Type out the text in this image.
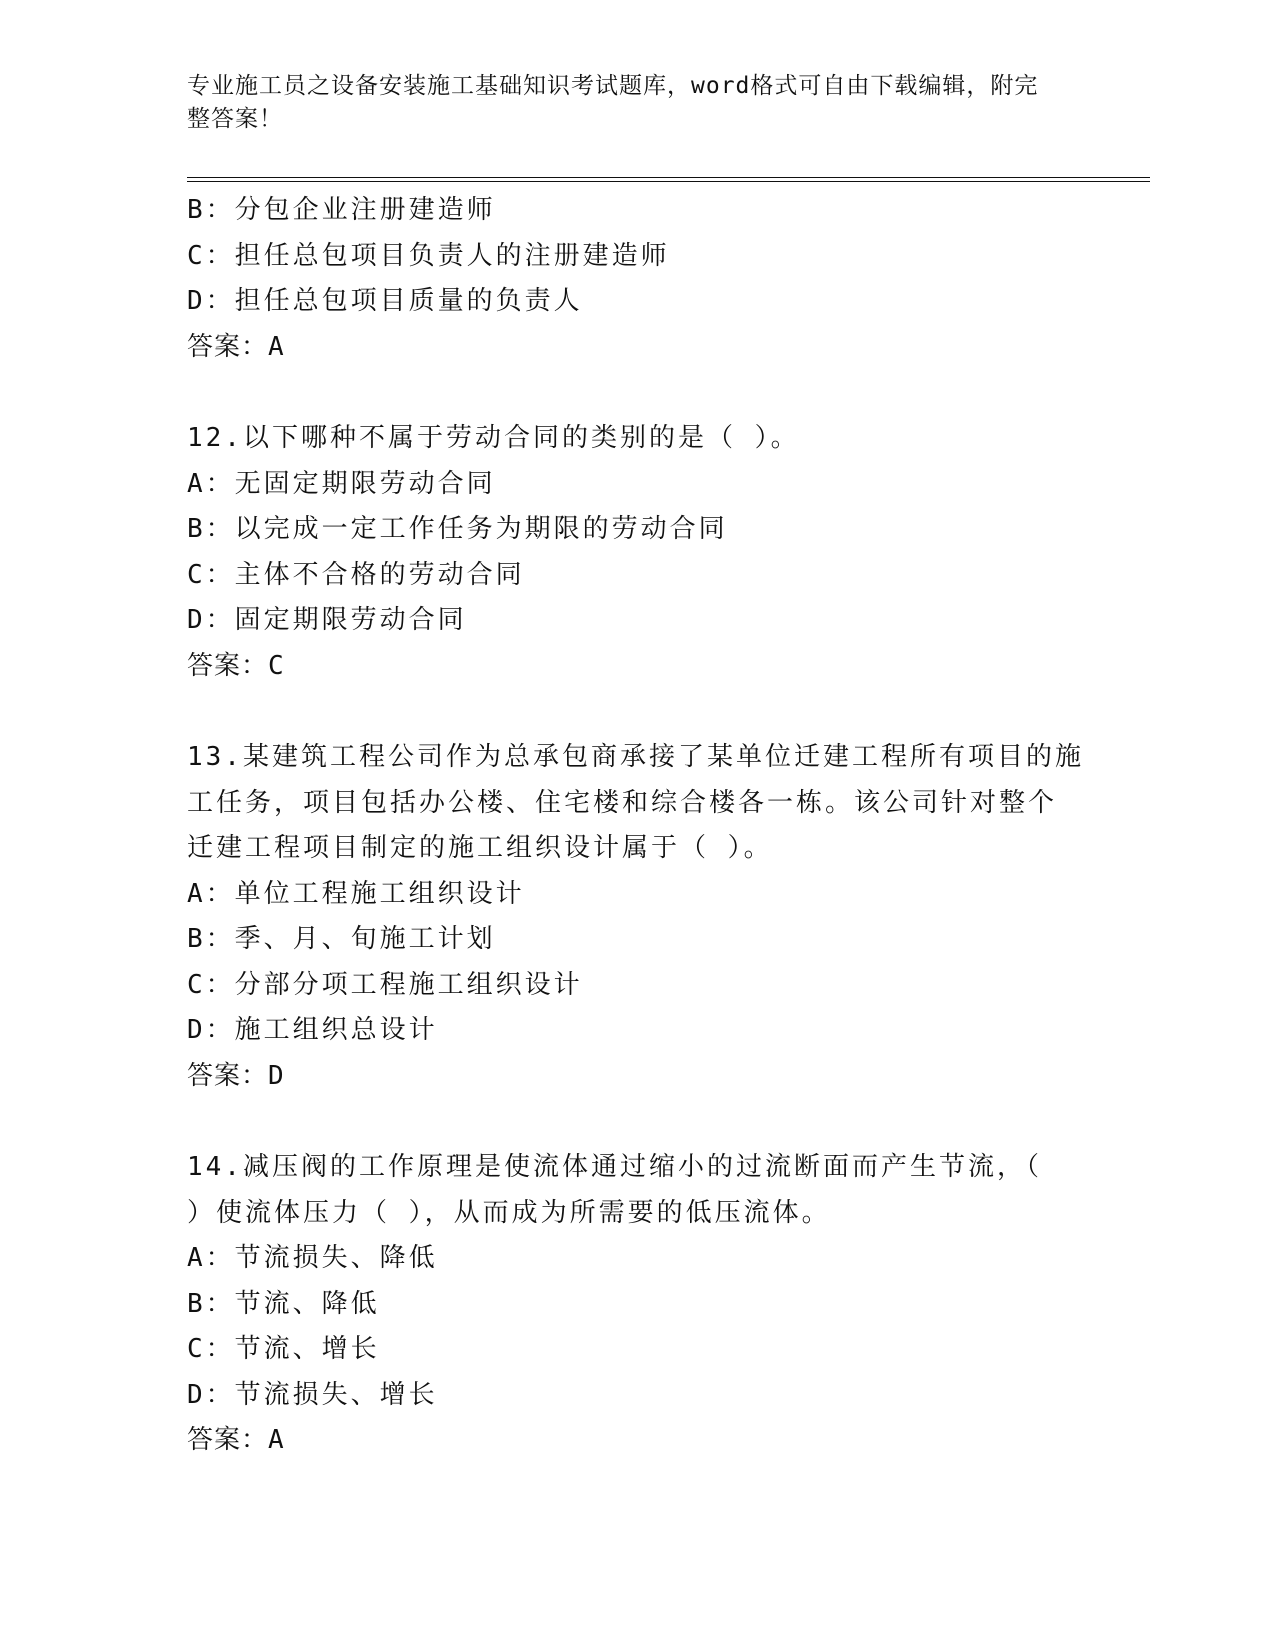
专业施工员之设备安装施工基础知识考试题库，word格式可自由下载编辑，附完
整答案！
B：分包企业注册建造师
C：担任总包项目负责人的注册建造师
D：担任总包项目质量的负责人
答案：A
12.以下哪种不属于劳动合同的类别的是（ ）。
A：无固定期限劳动合同
B：以完成一定工作任务为期限的劳动合同
C：主体不合格的劳动合同
D：固定期限劳动合同
答案：C
13.某建筑工程公司作为总承包商承接了某单位迁建工程所有项目的施
工任务，项目包括办公楼、住宅楼和综合楼各一栋。该公司针对整个
迁建工程项目制定的施工组织设计属于（ ）。
A：单位工程施工组织设计
B：季、月、旬施工计划
C：分部分项工程施工组织设计
D：施工组织总设计
答案：D
14.减压阀的工作原理是使流体通过缩小的过流断面而产生节流，（
）使流体压力（ ），从而成为所需要的低压流体。
A：节流损失、降低
B：节流、降低
C：节流、增长
D：节流损失、增长
答案：A
